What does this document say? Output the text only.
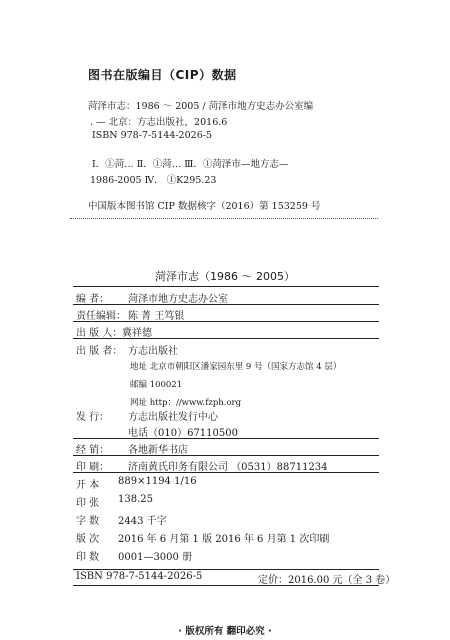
图书在版编目（CIP）数据
菏泽市志：1986 ～ 2005 / 菏泽市地方史志办公室编
. — 北京：方志出版社，2016.6
ISBN 978-7-5144-2026-5
Ⅰ．①菏… Ⅱ．①菏… Ⅲ．①菏泽市—地方志—
1986-2005 Ⅳ． ①K295.23
中国版本图书馆 CIP 数据核字（2016）第 153259 号
菏泽市志（1986 ～ 2005）
编 者： 菏泽市地方史志办公室
责任编辑： 陈 菁 王笃银
出 版 人： 冀祥德
出 版 者： 方志出版社
地址 北京市朝阳区潘家园东里 9 号（国家方志馆 4 层）
邮编 100021
网址 http：//www.fzph.org
发 行： 方志出版社发行中心
电话（010）67110500
经 销： 各地新华书店
印 刷： 济南黄氏印务有限公司 （0531）88711234
开 本 889×1194 1/16
印 张 138.25
字 数 2443 千字
版 次 2016 年 6 月第 1 版 2016 年 6 月第 1 次印刷
印 数 0001—3000 册
ISBN 978-7-5144-2026-5	定价：2016.00 元（全 3 卷）
· 版权所有 翻印必究 ·
